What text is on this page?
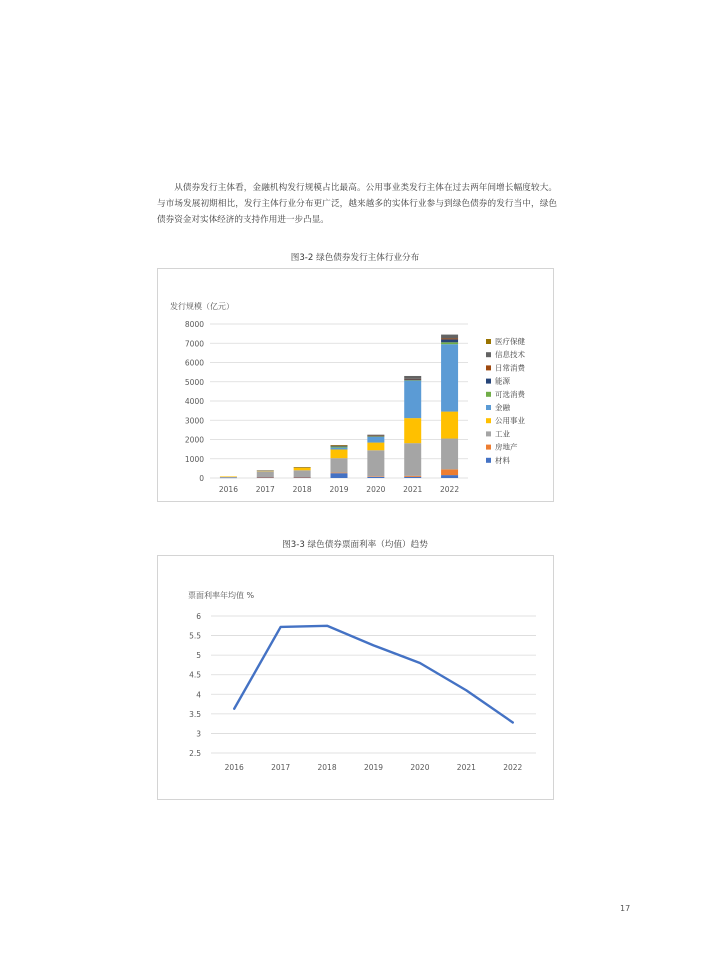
从债券发行主体看，金融机构发行规模占比最高。公用事业类发行主体在过去两年间增长幅度较大。与市场发展初期相比，发行主体行业分布更广泛，越来越多的实体行业参与到绿色债券的发行当中，绿色债券资金对实体经济的支持作用进一步凸显。

图3-2 绿色债券发行主体行业分布
发行规模（亿元）
0
1000
2000
3000
4000
5000
6000
7000
8000
2016 2017 2018 2019 2020 2021 2022
医疗保健
信息技术
日常消费
能源
可选消费
金融
公用事业
工业
房地产
材料
图3-3 绿色债券票面利率（均值）趋势
票面利率年均值 %
2.5
3
3.5
4
4.5
5
5.5
6
2016	2017	2018	2019	2020	2021	2022
17
